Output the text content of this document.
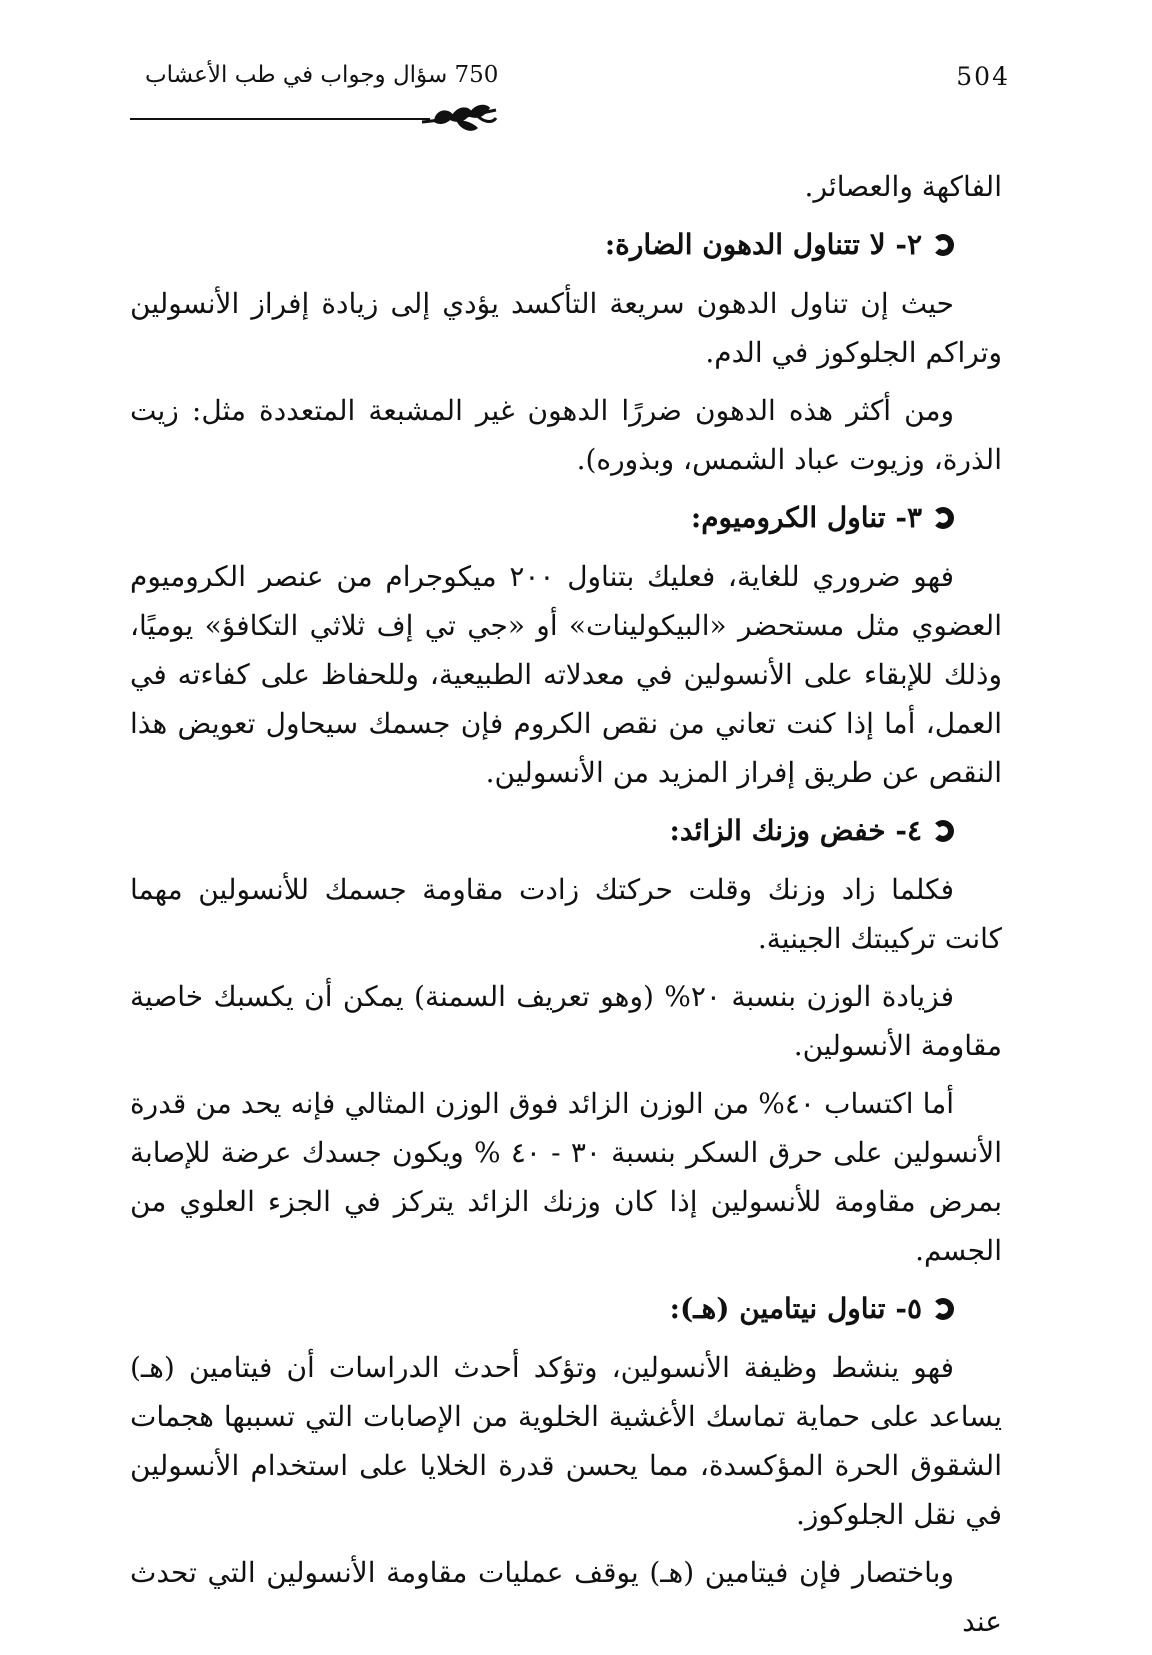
504
750 سؤال وجواب في طب الأعشاب

الفاكهة والعصائر.

٢- لا تتناول الدهون الضارة:

حيث إن تناول الدهون سريعة التأكسد يؤدي إلى زيادة إفراز الأنسولين وتراكم الجلوكوز في الدم.

ومن أكثر هذه الدهون ضررًا الدهون غير المشبعة المتعددة مثل: زيت الذرة، وزيوت عباد الشمس، وبذوره).

٣- تناول الكروميوم:

فهو ضروري للغاية، فعليك بتناول ٢٠٠ ميكوجرام من عنصر الكروميوم العضوي مثل مستحضر «البيكولينات» أو «جي تي إف ثلاثي التكافؤ» يوميًا، وذلك للإبقاء على الأنسولين في معدلاته الطبيعية، وللحفاظ على كفاءته في العمل، أما إذا كنت تعاني من نقص الكروم فإن جسمك سيحاول تعويض هذا النقص عن طريق إفراز المزيد من الأنسولين.

٤- خفض وزنك الزائد:

فكلما زاد وزنك وقلت حركتك زادت مقاومة جسمك للأنسولين مهما كانت تركيبتك الجينية.

فزيادة الوزن بنسبة ٢٠% (وهو تعريف السمنة) يمكن أن يكسبك خاصية مقاومة الأنسولين.

أما اكتساب ٤٠% من الوزن الزائد فوق الوزن المثالي فإنه يحد من قدرة الأنسولين على حرق السكر بنسبة ٣٠ - ٤٠ % ويكون جسدك عرضة للإصابة بمرض مقاومة للأنسولين إذا كان وزنك الزائد يتركز في الجزء العلوي من الجسم.

٥- تناول نيتامين (هـ):

فهو ينشط وظيفة الأنسولين، وتؤكد أحدث الدراسات أن فيتامين (هـ) يساعد على حماية تماسك الأغشية الخلوية من الإصابات التي تسببها هجمات الشقوق الحرة المؤكسدة، مما يحسن قدرة الخلايا على استخدام الأنسولين في نقل الجلوكوز.

وباختصار فإن فيتامين (هـ) يوقف عمليات مقاومة الأنسولين التي تحدث عند
